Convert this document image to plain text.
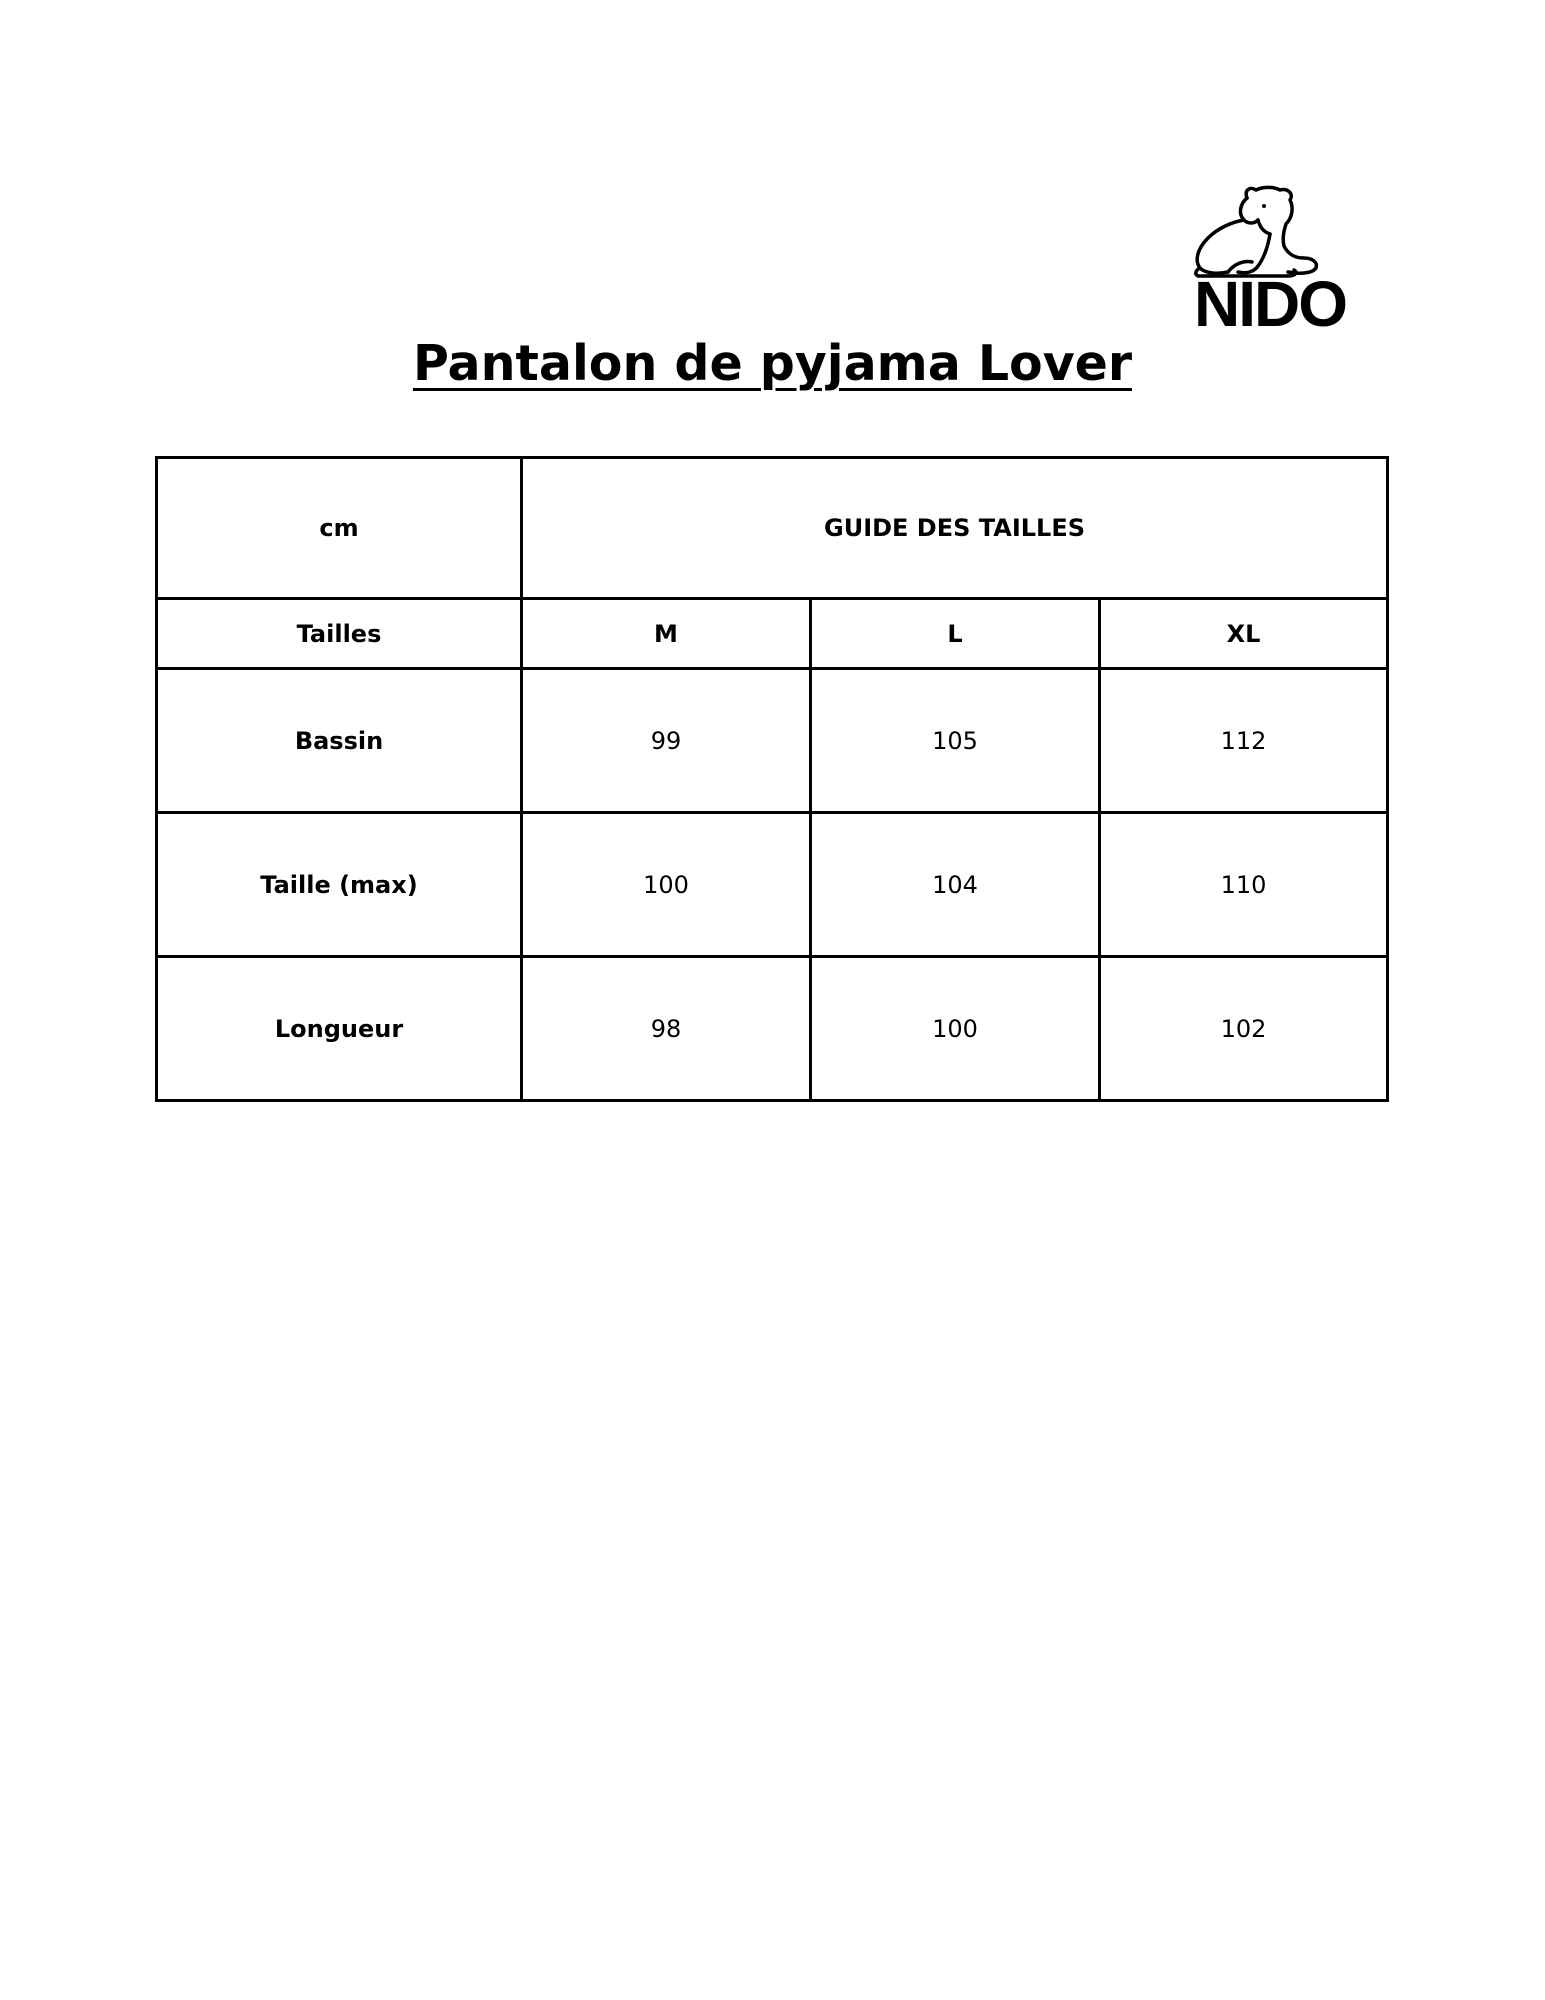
NIDO
Pantalon de pyjama Lover
cm	GUIDE DES TAILLES		
Tailles	M	L	XL
Bassin	99	105	112
Taille (max)	100	104	110
Longueur	98	100	102
